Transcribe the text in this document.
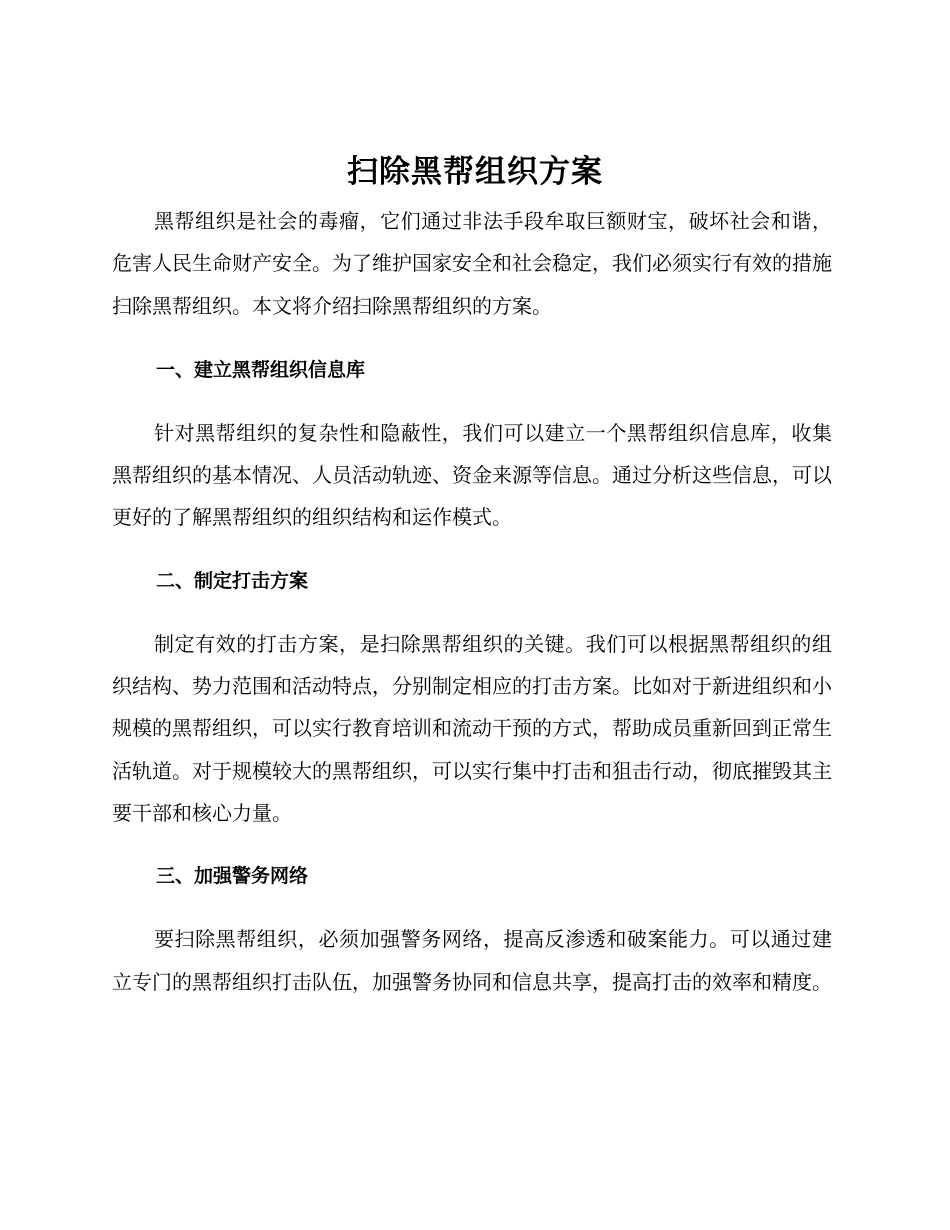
扫除黑帮组织方案

黑帮组织是社会的毒瘤，它们通过非法手段牟取巨额财宝，破坏社会和谐，危害人民生命财产安全。为了维护国家安全和社会稳定，我们必须实行有效的措施扫除黑帮组织。本文将介绍扫除黑帮组织的方案。

一、建立黑帮组织信息库

针对黑帮组织的复杂性和隐蔽性，我们可以建立一个黑帮组织信息库，收集黑帮组织的基本情况、人员活动轨迹、资金来源等信息。通过分析这些信息，可以更好的了解黑帮组织的组织结构和运作模式。

二、制定打击方案

制定有效的打击方案，是扫除黑帮组织的关键。我们可以根据黑帮组织的组织结构、势力范围和活动特点，分别制定相应的打击方案。比如对于新进组织和小规模的黑帮组织，可以实行教育培训和流动干预的方式，帮助成员重新回到正常生活轨道。对于规模较大的黑帮组织，可以实行集中打击和狙击行动，彻底摧毁其主要干部和核心力量。

三、加强警务网络

要扫除黑帮组织，必须加强警务网络，提高反渗透和破案能力。可以通过建立专门的黑帮组织打击队伍，加强警务协同和信息共享，提高打击的效率和精度。
